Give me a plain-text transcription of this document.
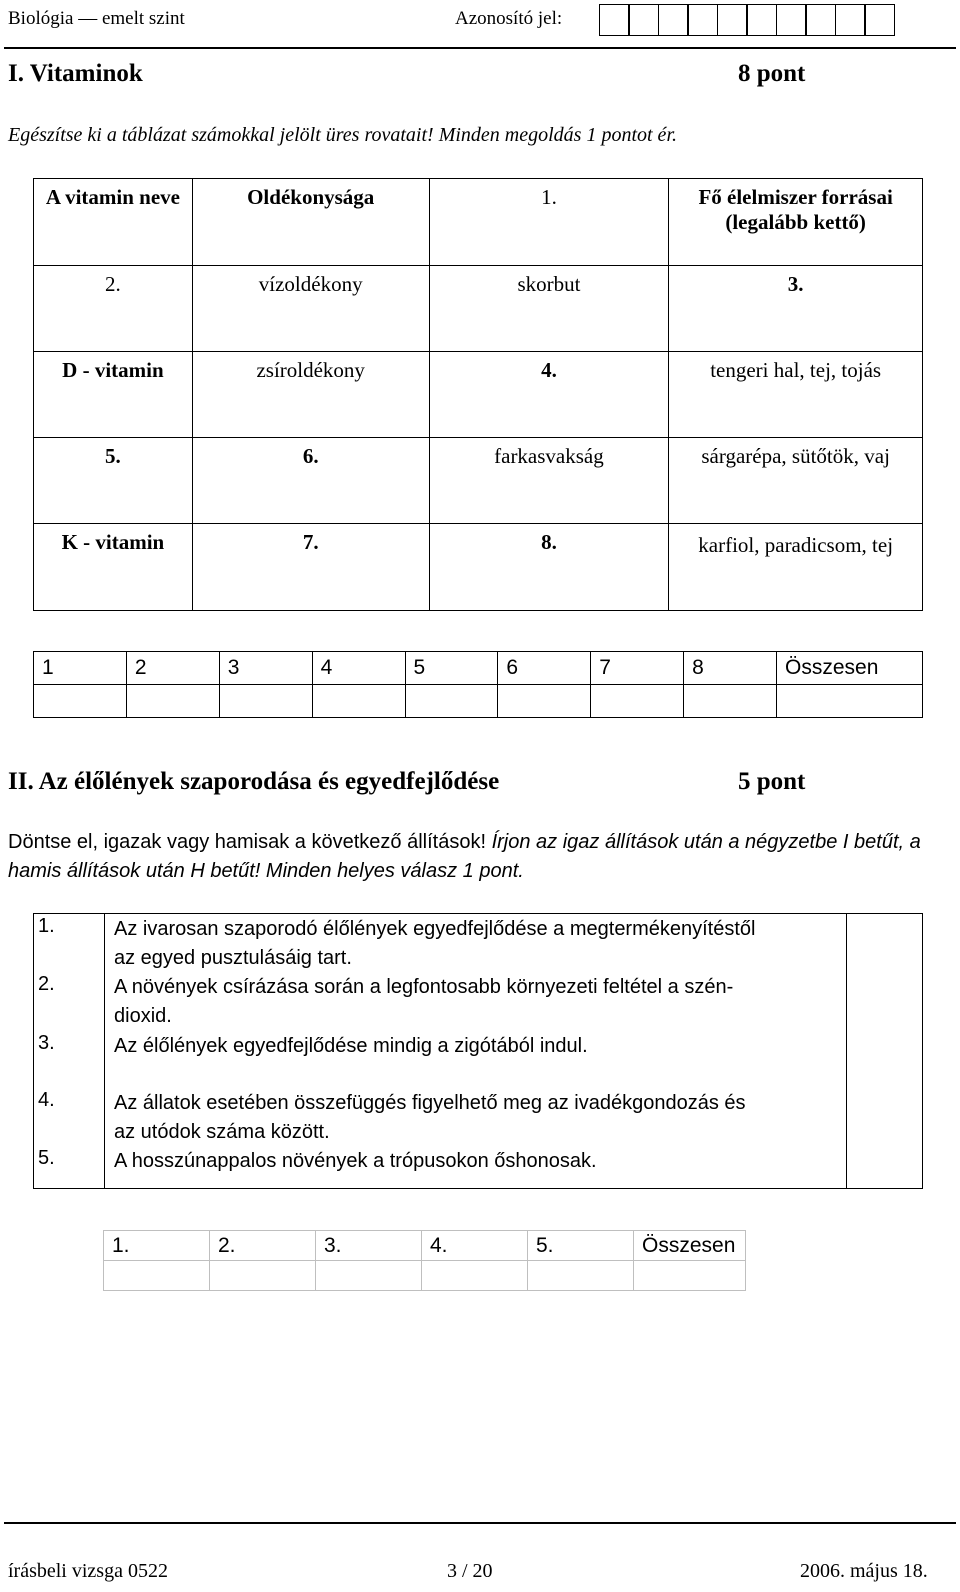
Biológia — emelt szint	Azonosító jel:
I. Vitaminok	8 pont
Egészítse ki a táblázat számokkal jelölt üres rovatait! Minden megoldás 1 pontot ér.
A vitamin neve	Oldékonysága	1.	Fő élelmiszer forrásai (legalább kettő)
2.	vízoldékony	skorbut	3.
D - vitamin	zsíroldékony	4.	tengeri hal, tej, tojás
5.	6.	farkasvakság	sárgarépa, sütőtök, vaj
K - vitamin	7.	8.	karfiol, paradicsom, tej
1	2	3	4	5	6	7	8	Összesen

II. Az élőlények szaporodása és egyedfejlődése	5 pont
Döntse el, igazak vagy hamisak a következő állítások! Írjon az igaz állítások után a négyzetbe I betűt, a hamis állítások után H betűt! Minden helyes válasz 1 pont.
1.	Az ivarosan szaporodó élőlények egyedfejlődése a megtermékenyítéstől
az egyed pusztulásáig tart.
2.	A növények csírázása során a legfontosabb környezeti feltétel a szén-
dioxid.
3.	Az élőlények egyedfejlődése mindig a zigótából indul.
4.	Az állatok esetében összefüggés figyelhető meg az ivadékgondozás és
az utódok száma között.
5.	A hosszúnappalos növények a trópusokon őshonosak.
1.	2.	3.	4.	5.	Összesen

írásbeli vizsga 0522	3 / 20	2006. május 18.
